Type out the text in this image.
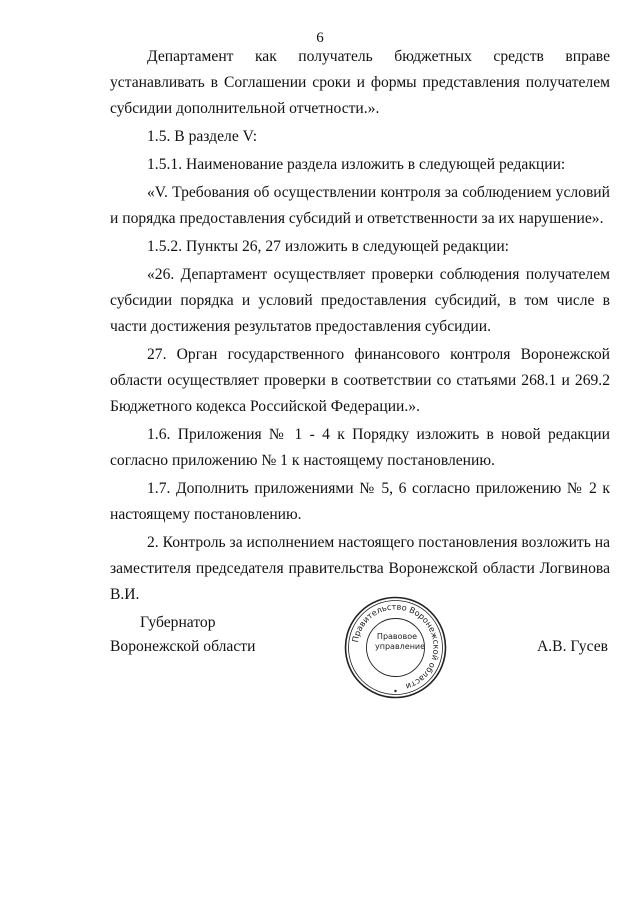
6

Департамент как получатель бюджетных средств вправе устанавливать в Соглашении сроки и формы представления получателем субсидии дополнительной отчетности.».

1.5. В разделе V:

1.5.1. Наименование раздела изложить в следующей редакции:

«V. Требования об осуществлении контроля за соблюдением условий и порядка предоставления субсидий и ответственности за их нарушение».

1.5.2. Пункты 26, 27 изложить в следующей редакции:

«26. Департамент осуществляет проверки соблюдения получателем субсидии порядка и условий предоставления субсидий, в том числе в части достижения результатов предоставления субсидии.

27. Орган государственного финансового контроля Воронежской области осуществляет проверки в соответствии со статьями 268.1 и 269.2 Бюджетного кодекса Российской Федерации.».

1.6. Приложения № 1 - 4 к Порядку изложить в новой редакции согласно приложению № 1 к настоящему постановлению.

1.7. Дополнить приложениями № 5, 6 согласно приложению № 2 к настоящему постановлению.

2. Контроль за исполнением настоящего постановления возложить на заместителя председателя правительства Воронежской области Логвинова В.И.

Губернатор
Воронежской области	Правительство Воронежской области
Правовое
управление	А.В. Гусев
